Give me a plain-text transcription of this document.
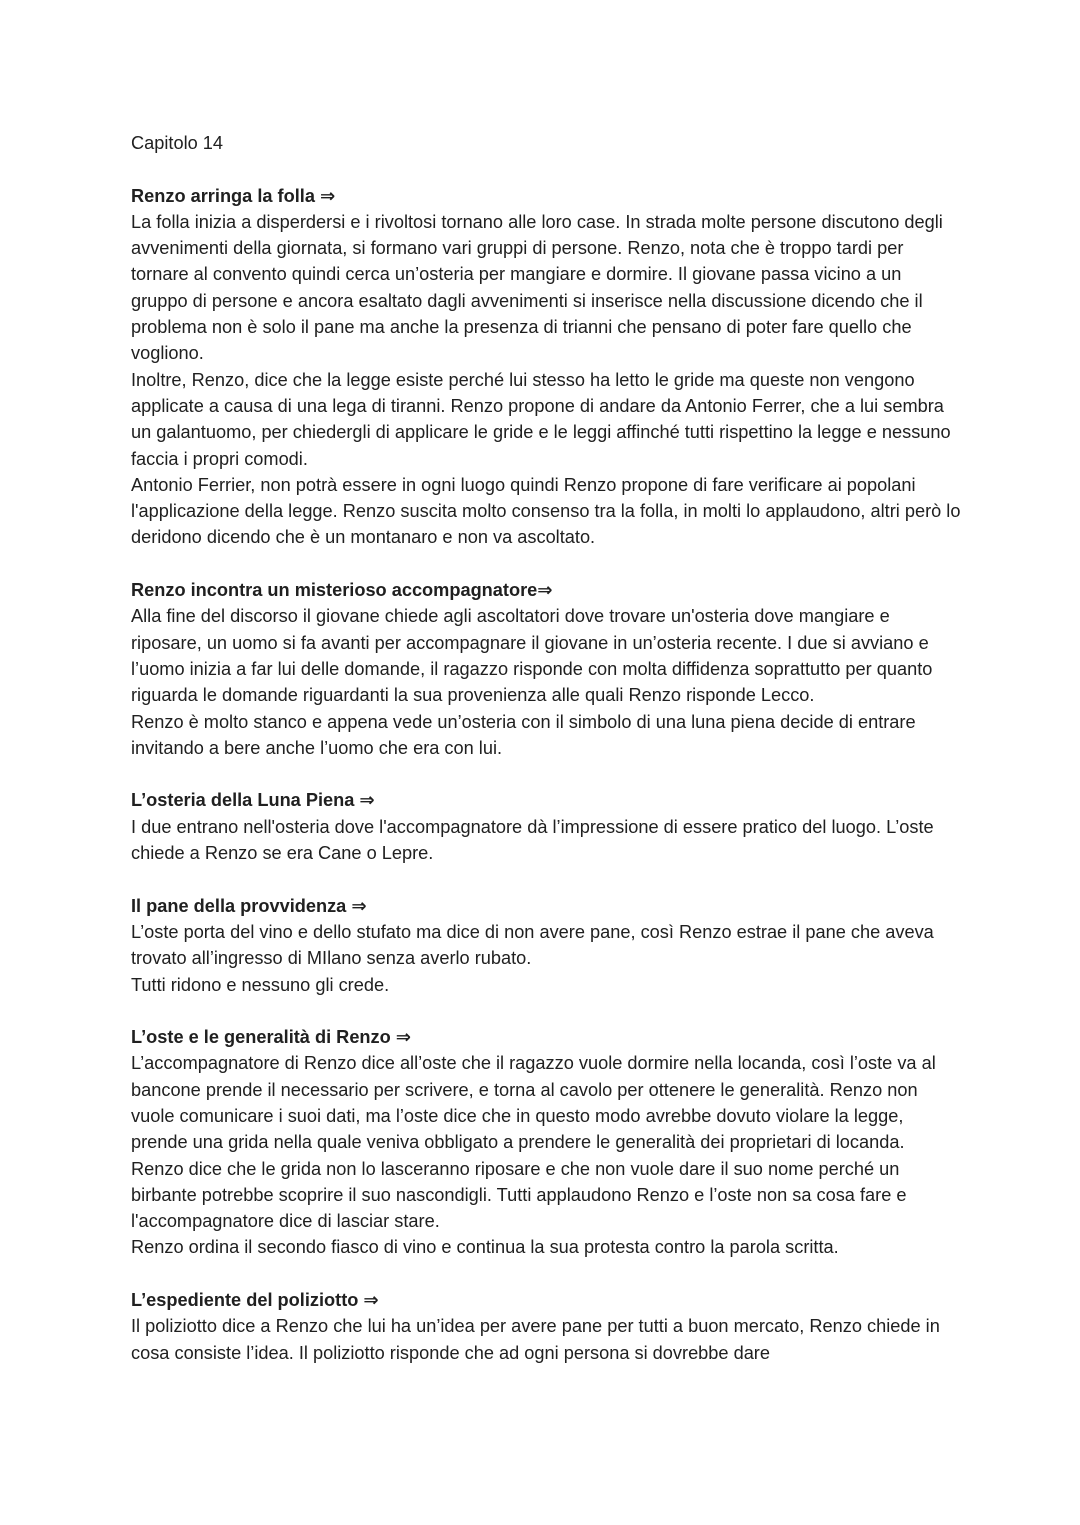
Capitolo 14
Renzo arringa la folla ⇒

La folla inizia a disperdersi e i rivoltosi tornano alle loro case. In strada molte persone discutono degli avvenimenti della giornata, si formano vari gruppi di persone. Renzo, nota che è troppo tardi per tornare al convento quindi cerca un’osteria per mangiare e dormire. Il giovane passa vicino a un gruppo di persone e ancora esaltato dagli avvenimenti si inserisce nella discussione dicendo che il problema non è solo il pane ma anche la presenza di trianni che pensano di poter fare quello che vogliono.

Inoltre, Renzo, dice che la legge esiste perché lui stesso ha letto le gride ma queste non vengono applicate a causa di una lega di tiranni. Renzo propone di andare da Antonio Ferrer, che a lui sembra un galantuomo, per chiedergli di applicare le gride e le leggi affinché tutti rispettino la legge e nessuno faccia i propri comodi.

Antonio Ferrier, non potrà essere in ogni luogo quindi Renzo propone di fare verificare ai popolani l'applicazione della legge. Renzo suscita molto consenso tra la folla, in molti lo applaudono, altri però lo deridono dicendo che è un montanaro e non va ascoltato.

Renzo incontra un misterioso accompagnatore⇒

Alla fine del discorso il giovane chiede agli ascoltatori dove trovare un'osteria dove mangiare e riposare, un uomo si fa avanti per accompagnare il giovane in un’osteria recente. I due si avviano e l’uomo inizia a far lui delle domande, il ragazzo risponde con molta diffidenza soprattutto per quanto riguarda le domande riguardanti la sua provenienza alle quali Renzo risponde Lecco.

Renzo è molto stanco e appena vede un’osteria con il simbolo di una luna piena decide di entrare invitando a bere anche l’uomo che era con lui.

L’osteria della Luna Piena ⇒

I due entrano nell'osteria dove l'accompagnatore dà l’impressione di essere pratico del luogo. L’oste chiede a Renzo se era Cane o Lepre.

Il pane della provvidenza ⇒

L’oste porta del vino e dello stufato ma dice di non avere pane, così Renzo estrae il pane che aveva trovato all’ingresso di MIlano senza averlo rubato.

Tutti ridono e nessuno gli crede.

L’oste e le generalità di Renzo ⇒

L’accompagnatore di Renzo dice all’oste che il ragazzo vuole dormire nella locanda, così l’oste va al bancone prende il necessario per scrivere, e torna al cavolo per ottenere le generalità. Renzo non vuole comunicare i suoi dati, ma l’oste dice che in questo modo avrebbe dovuto violare la legge, prende una grida nella quale veniva obbligato a prendere le generalità dei proprietari di locanda. Renzo dice che le grida non lo lasceranno riposare e che non vuole dare il suo nome perché un birbante potrebbe scoprire il suo nascondigli. Tutti applaudono Renzo e l’oste non sa cosa fare e l'accompagnatore dice di lasciar stare.

Renzo ordina il secondo fiasco di vino e continua la sua protesta contro la parola scritta.

L’espediente del poliziotto ⇒

Il poliziotto dice a Renzo che lui ha un’idea per avere pane per tutti a buon mercato, Renzo chiede in cosa consiste l’idea. Il poliziotto risponde che ad ogni persona si dovrebbe dare
